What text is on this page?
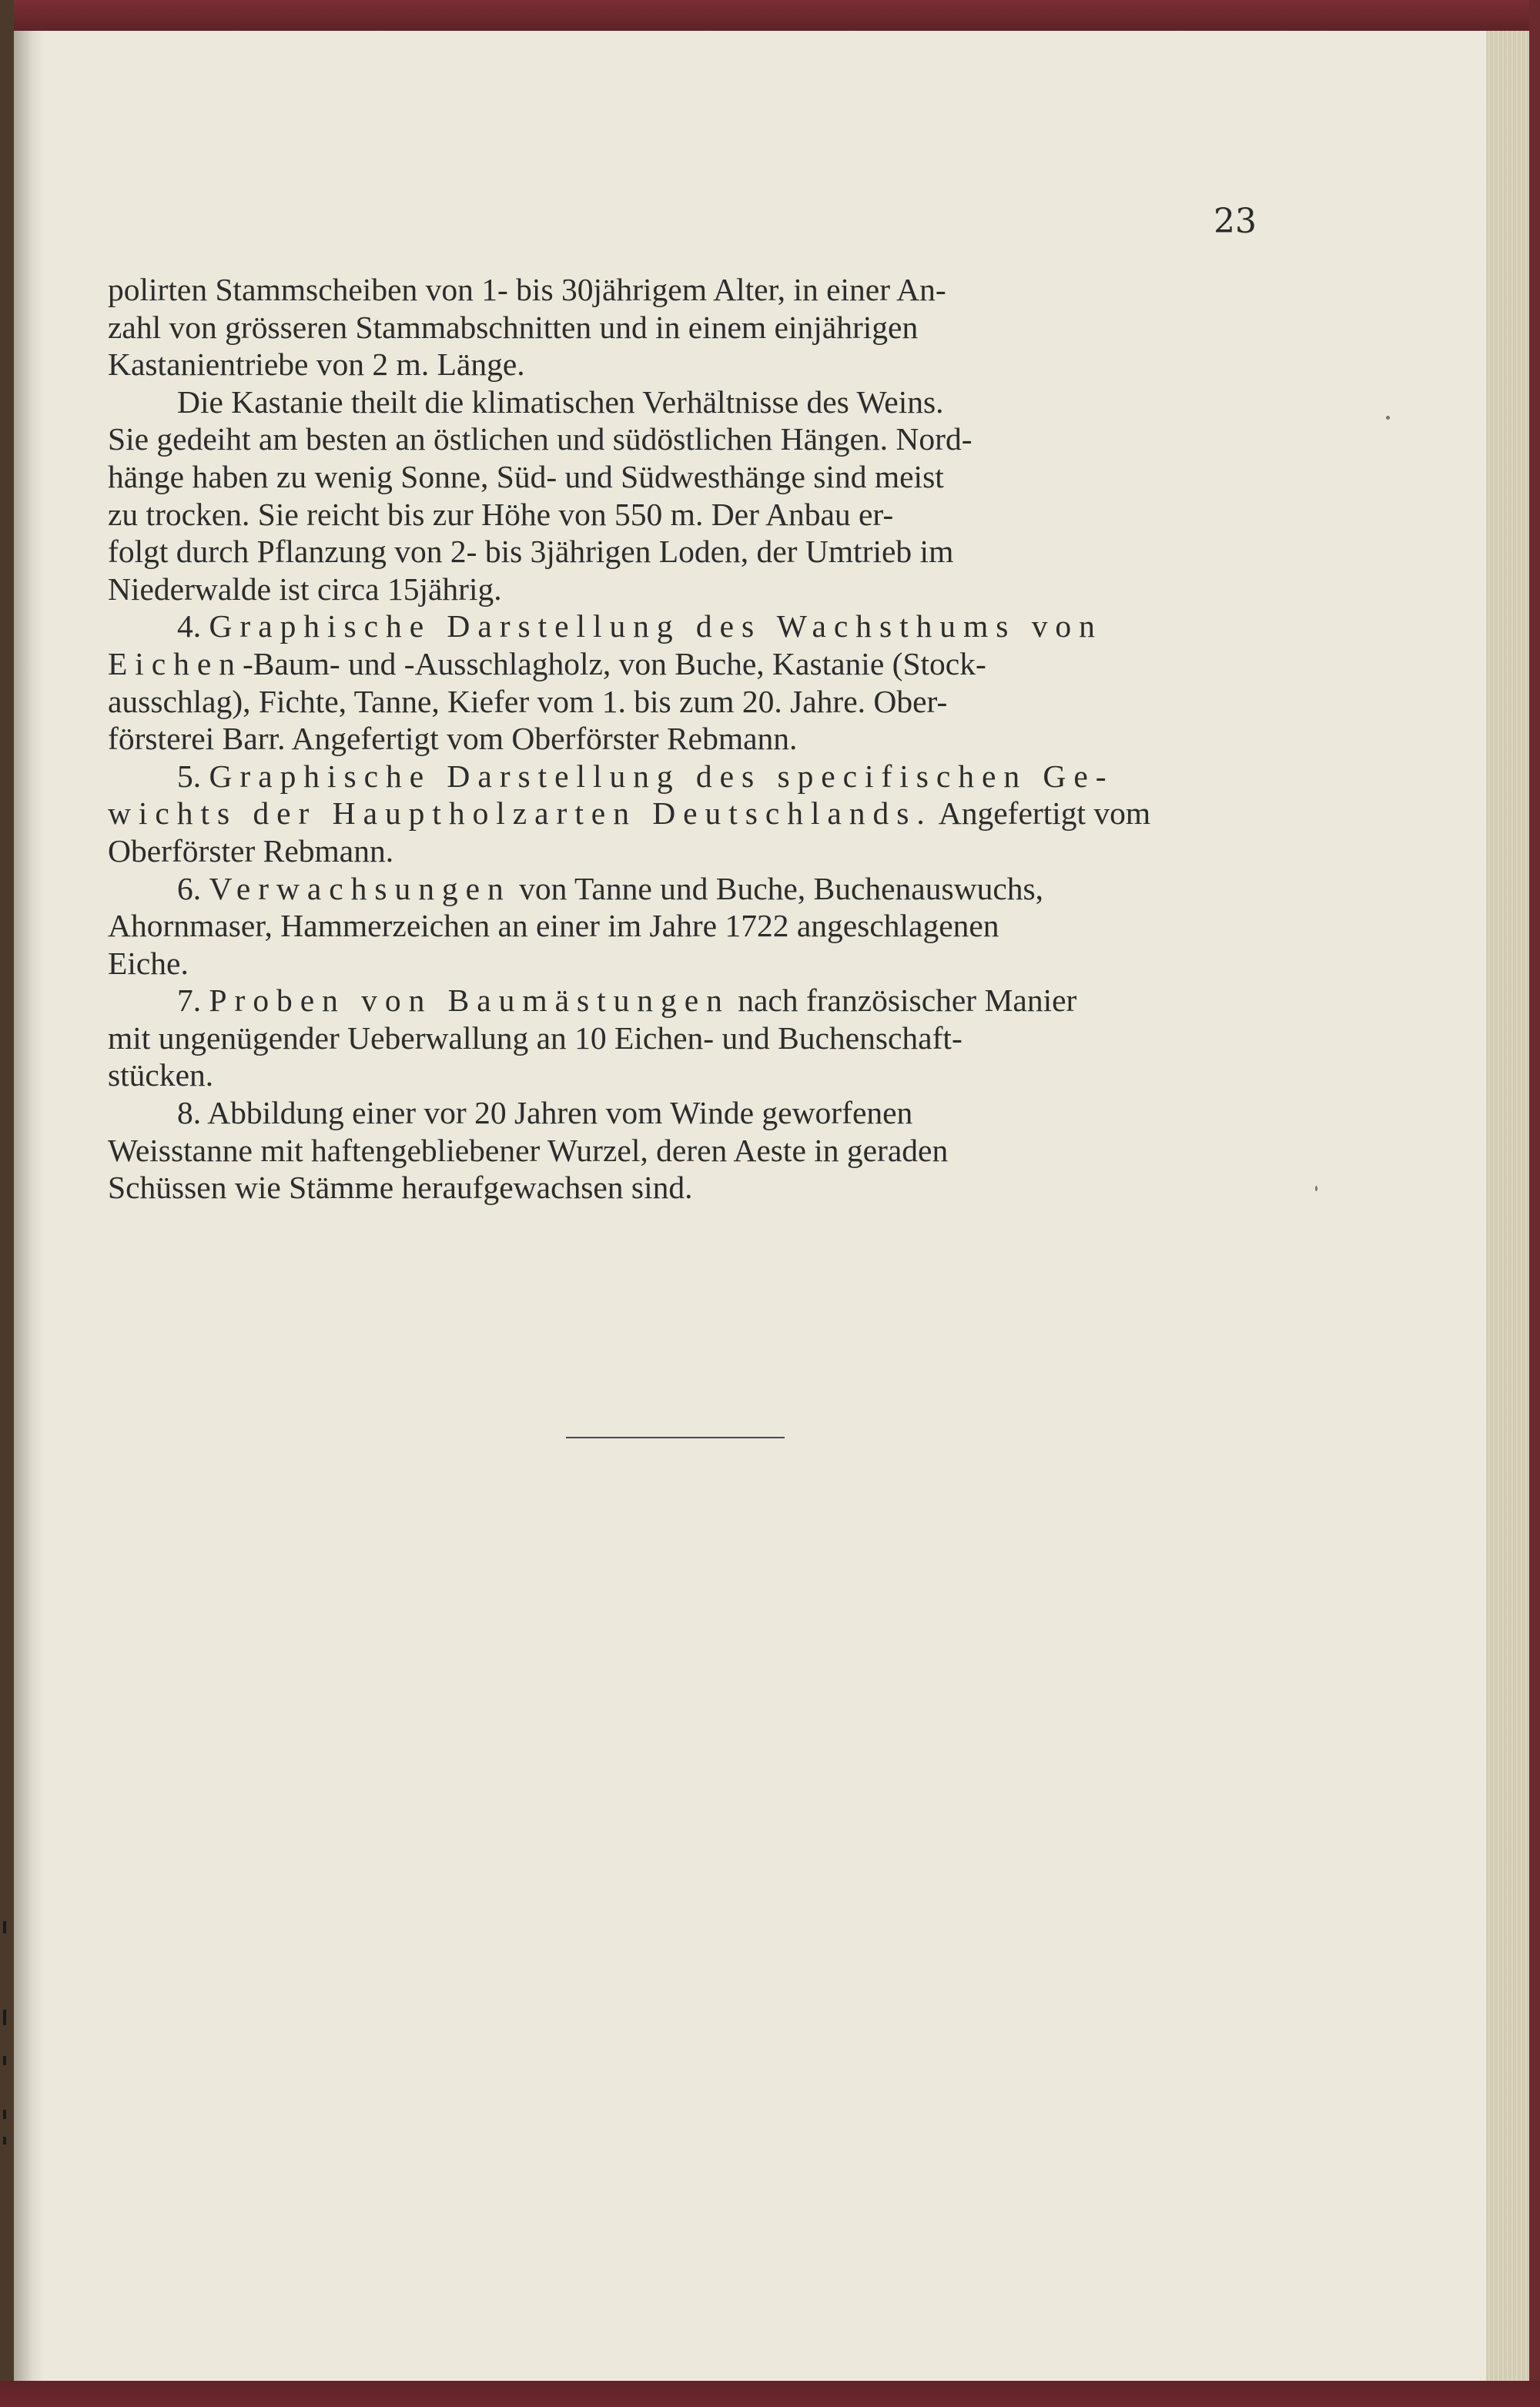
23

polirten Stammscheiben von 1- bis 30jährigem Alter, in einer An-
zahl von grösseren Stammabschnitten und in einem einjährigen
Kastanientriebe von 2 m. Länge.

Die Kastanie theilt die klimatischen Verhältnisse des Weins.
Sie gedeiht am besten an östlichen und südöstlichen Hängen. Nord-
hänge haben zu wenig Sonne, Süd- und Südwesthänge sind meist
zu trocken. Sie reicht bis zur Höhe von 550 m. Der Anbau er-
folgt durch Pflanzung von 2- bis 3jährigen Loden, der Umtrieb im
Niederwalde ist circa 15jährig.

4. Graphische Darstellung des Wachsthums von
Eichen-Baum- und -Ausschlagholz, von Buche, Kastanie (Stock-
ausschlag), Fichte, Tanne, Kiefer vom 1. bis zum 20. Jahre. Ober-
försterei Barr. Angefertigt vom Oberförster Rebmann.

5. Graphische Darstellung des specifischen Ge-
wichts der Hauptholzarten Deutschlands. Angefertigt vom
Oberförster Rebmann.

6. Verwachsungen von Tanne und Buche, Buchenauswuchs,
Ahornmaser, Hammerzeichen an einer im Jahre 1722 angeschlagenen
Eiche.

7. Proben von Baumästungen nach französischer Manier
mit ungenügender Ueberwallung an 10 Eichen- und Buchenschaft-
stücken.

8. Abbildung einer vor 20 Jahren vom Winde geworfenen
Weisstanne mit haftengebliebener Wurzel, deren Aeste in geraden
Schüssen wie Stämme heraufgewachsen sind.
